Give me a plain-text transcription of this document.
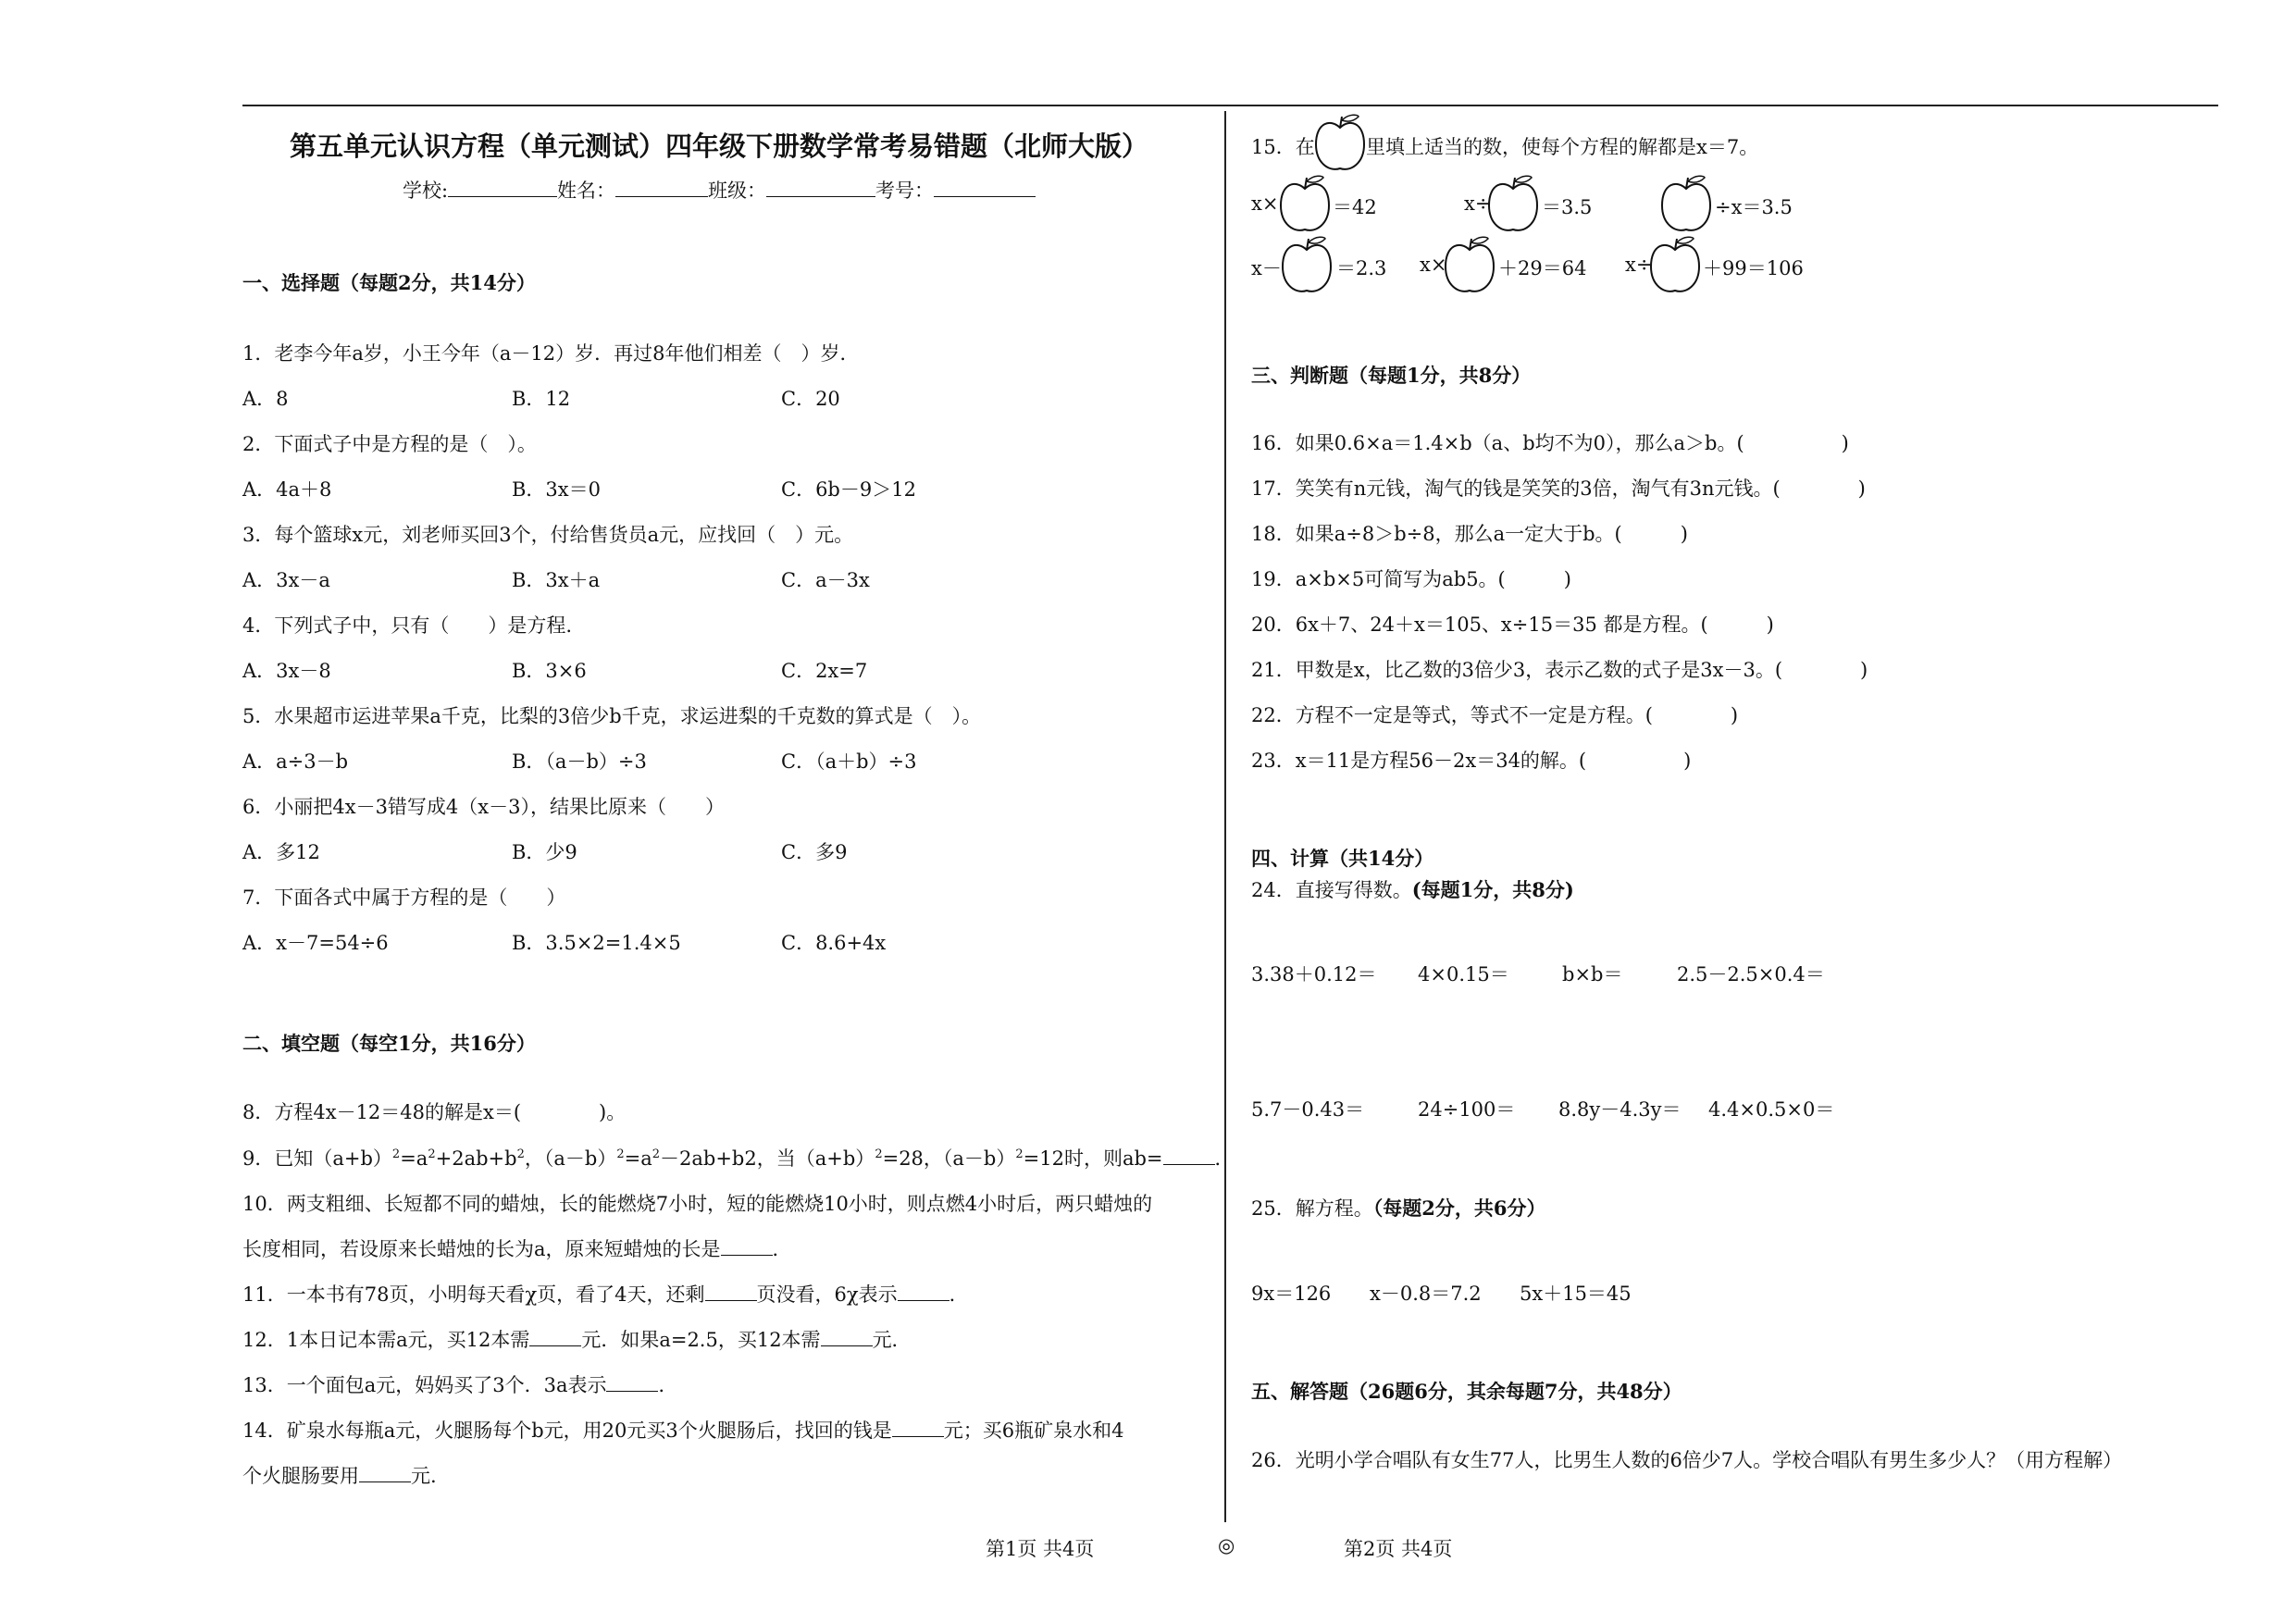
第五单元认识方程（单元测试）四年级下册数学常考易错题（北师大版）
学校:	姓名：	班级：	考号：
一、选择题（每题2分，共14分）
1．老李今年a岁，小王今年（a－12）岁．再过8年他们相差（　）岁．
A．8	B．12	C．20
2．下面式子中是方程的是（　）。
A．4a＋8	B．3x＝0	C．6b－9＞12
3．每个篮球x元，刘老师买回3个，付给售货员a元，应找回（　）元。
A．3x－a	B．3x＋a	C．a－3x
4．下列式子中，只有（　　）是方程.
A．3x－8	B．3×6	C．2x=7
5．水果超市运进苹果a千克，比梨的3倍少b千克，求运进梨的千克数的算式是（　）。
A．a÷3－b	B．（a－b）÷3	C．（a＋b）÷3
6．小丽把4x－3错写成4（x－3），结果比原来（　　）
A．多12	B．少9	C．多9
7．下面各式中属于方程的是（　　）
A．x－7=54÷6	B．3.5×2=1.4×5	C．8.6+4x
二、填空题（每空1分，共16分）
8．方程4x－12＝48的解是x＝(　　　　)。
9．已知$(a+b)^2=a^2+2ab+b^2$，$(a-b)^2=a^2-2ab+b2$，当$(a+b)^2=28$，$(a-b)^2=12$时，则ab=	．
10．两支粗细、长短都不同的蜡烛，长的能燃烧7小时，短的能燃烧10小时，则点燃4小时后，两只蜡烛的
长度相同，若设原来长蜡烛的长为a，原来短蜡烛的长是	．
11．一本书有78页，小明每天看χ页，看了4天，还剩	页没看，6χ表示	．
12．1本日记本需a元，买12本需	元．如果a=2.5，买12本需	元．
13．一个面包a元，妈妈买了3个．3a表示	．
14．矿泉水每瓶a元，火腿肠每个b元，用20元买3个火腿肠后，找回的钱是	元；买6瓶矿泉水和4
个火腿肠要用	元.
15．在	里填上适当的数，使每个方程的解都是x＝7。
x×	＝42	x÷	＝3.5	÷x＝3.5
x－	＝2.3 x×	＋29＝64 x÷	＋99＝106
三、判断题（每题1分，共8分）
16．如果0.6×a＝1.4×b（a、b均不为0），那么a＞b。(　　　　　)
17．笑笑有n元钱，淘气的钱是笑笑的3倍，淘气有3n元钱。(　　　　)
18．如果a÷8＞b÷8，那么a一定大于b。(　　　)
19．a×b×5可简写为ab5。(　　　)
20．6x＋7、24＋x＝105、x÷15＝35 都是方程。(　　　)
21．甲数是x，比乙数的3倍少3，表示乙数的式子是3x－3。(　　　　)
22．方程不一定是等式，等式不一定是方程。(　　　　)
23．x＝11是方程56－2x＝34的解。(　　　　　)
四、计算（共14分）
24．直接写得数。(每题1分，共8分)
3.38＋0.12＝ 4×0.15＝	b×b＝	2.5－2.5×0.4＝
5.7－0.43＝	24÷100＝ 8.8y－4.3y＝ 4.4×0.5×0＝
25．解方程。（每题2分，共6分）
9x＝126 x－0.8＝7.2 5x＋15＝45
五、解答题（26题6分，其余每题7分，共48分）
26．光明小学合唱队有女生77人，比男生人数的6倍少7人。学校合唱队有男生多少人？（用方程解）
第1页 共4页	◎	第2页 共4页
